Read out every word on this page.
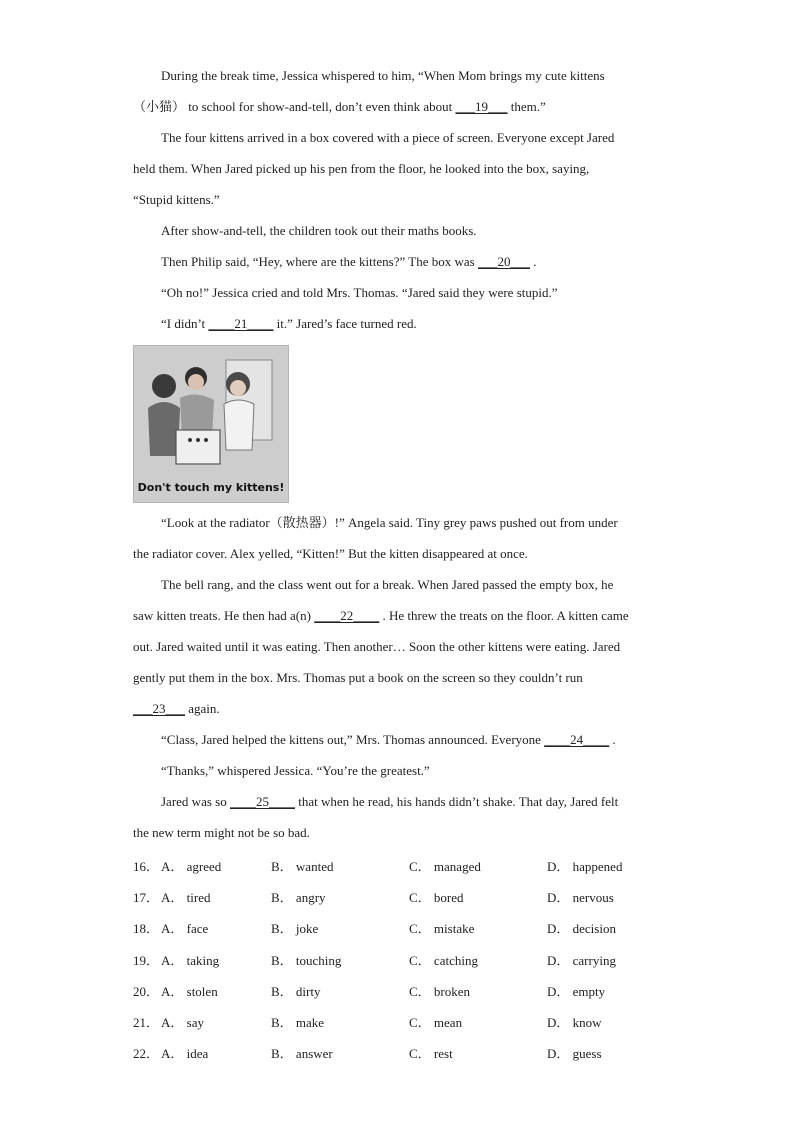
During the break time, Jessica whispered to him, “When Mom brings my cute kittens
（小猫） to school for show-and-tell, don’t even think about ___19___ them.”
The four kittens arrived in a box covered with a piece of screen. Everyone except Jared
held them. When Jared picked up his pen from the floor, he looked into the box, saying,
“Stupid kittens.”
After show-and-tell, the children took out their maths books.
Then Philip said, “Hey, where are the kittens?” The box was ___20___ .
“Oh no!” Jessica cried and told Mrs. Thomas. “Jared said they were stupid.”
“I didn’t ____21____ it.” Jared’s face turned red.
Don't touch my kittens!
“Look at the radiator（散热器）!” Angela said. Tiny grey paws pushed out from under
the radiator cover. Alex yelled, “Kitten!” But the kitten disappeared at once.
The bell rang, and the class went out for a break. When Jared passed the empty box, he
saw kitten treats. He then had a(n) ____22____ . He threw the treats on the floor. A kitten came
out. Jared waited until it was eating. Then another… Soon the other kittens were eating. Jared
gently put them in the box. Mrs. Thomas put a book on the screen so they couldn’t run
___23___ again.
“Class, Jared helped the kittens out,” Mrs. Thomas announced. Everyone ____24____ .
“Thanks,” whispered Jessica. “You’re the greatest.”
Jared was so ____25____ that when he read, his hands didn’t shake. That day, Jared felt
the new term might not be so bad.
16． A． agreed	B． wanted	C． managed	D． happened
17． A． tired	B． angry	C． bored	D． nervous
18． A． face	B． joke	C． mistake	D． decision
19． A． taking	B． touching	C． catching	D． carrying
20． A． stolen	B． dirty	C． broken	D． empty
21． A． say	B． make	C． mean	D． know
22． A． idea	B． answer	C． rest	D． guess
